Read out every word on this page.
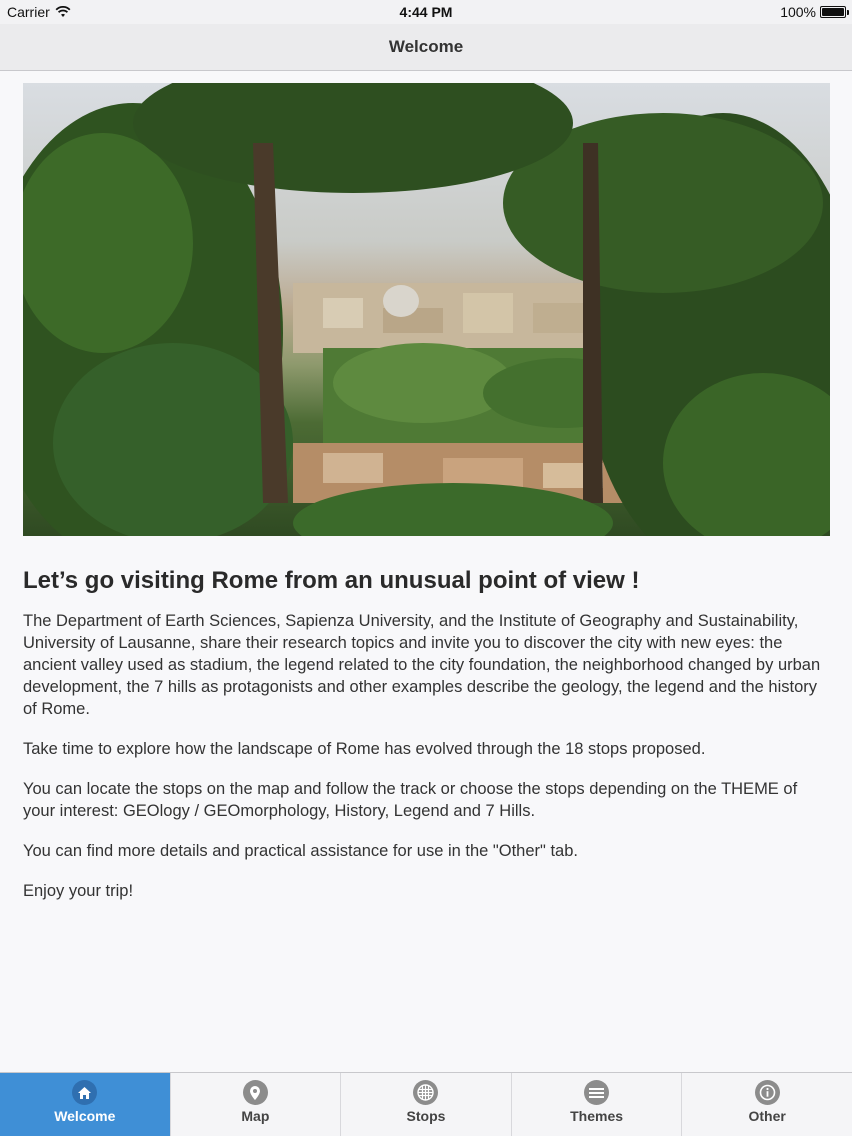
Carrier	4:44 PM	100%
Welcome
Let’s go visiting Rome from an unusual point of view !

The Department of Earth Sciences, Sapienza University, and the Institute of Geography and Sustainability, University of Lausanne, share their research topics and invite you to discover the city with new eyes: the ancient valley used as stadium, the legend related to the city foundation, the neighborhood changed by urban development, the 7 hills as protagonists and other examples describe the geology, the legend and the history of Rome.

Take time to explore how the landscape of Rome has evolved through the 18 stops proposed.

You can locate the stops on the map and follow the track or choose the stops depending on the THEME of your interest: GEOlogy / GEOmorphology, History, Legend and 7 Hills.

You can find more details and practical assistance for use in the "Other" tab.

Enjoy your trip!

Welcome	Map	Stops	Themes	Other
